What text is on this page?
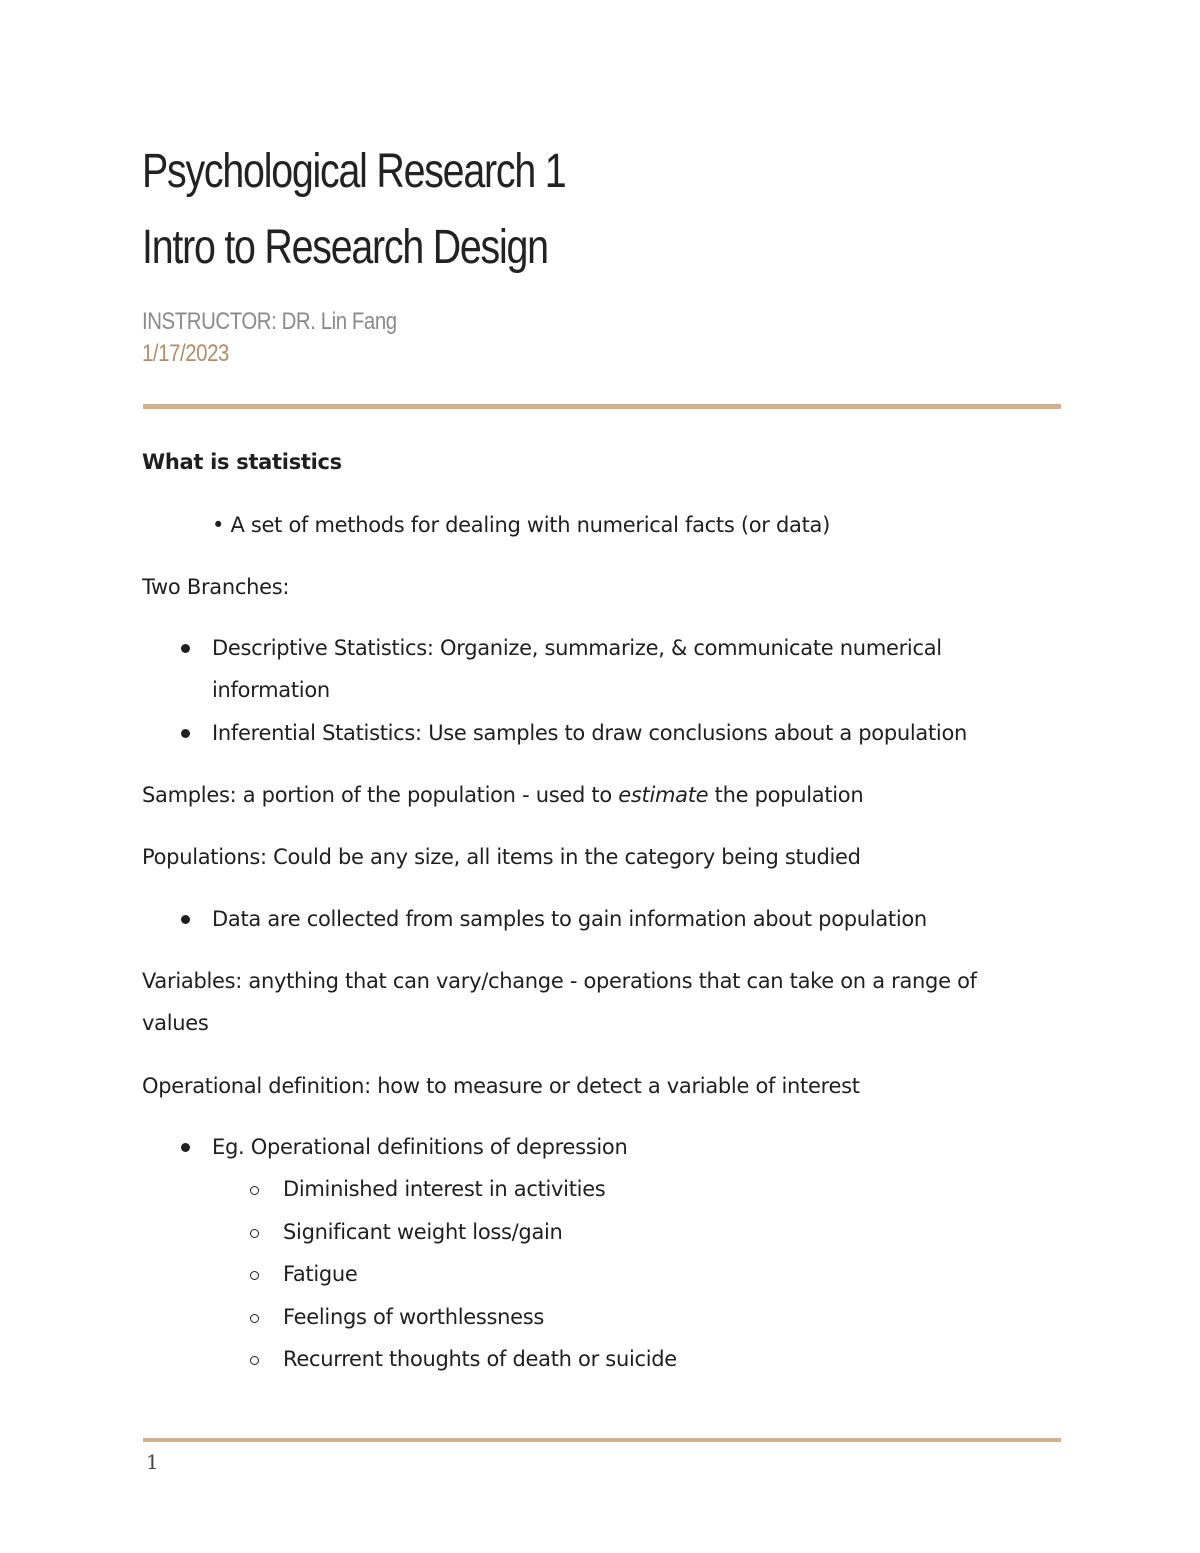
Psychological Research 1
Intro to Research Design
INSTRUCTOR: DR. Lin Fang
1/17/2023
What is statistics
• A set of methods for dealing with numerical facts (or data)
Two Branches:
Descriptive Statistics: Organize, summarize, & communicate numerical
information
Inferential Statistics: Use samples to draw conclusions about a population
Samples: a portion of the population - used to estimate the population
Populations: Could be any size, all items in the category being studied
Data are collected from samples to gain information about population
Variables: anything that can vary/change - operations that can take on a range of
values
Operational definition: how to measure or detect a variable of interest
Eg. Operational definitions of depression
Diminished interest in activities
Significant weight loss/gain
Fatigue
Feelings of worthlessness
Recurrent thoughts of death or suicide
1
